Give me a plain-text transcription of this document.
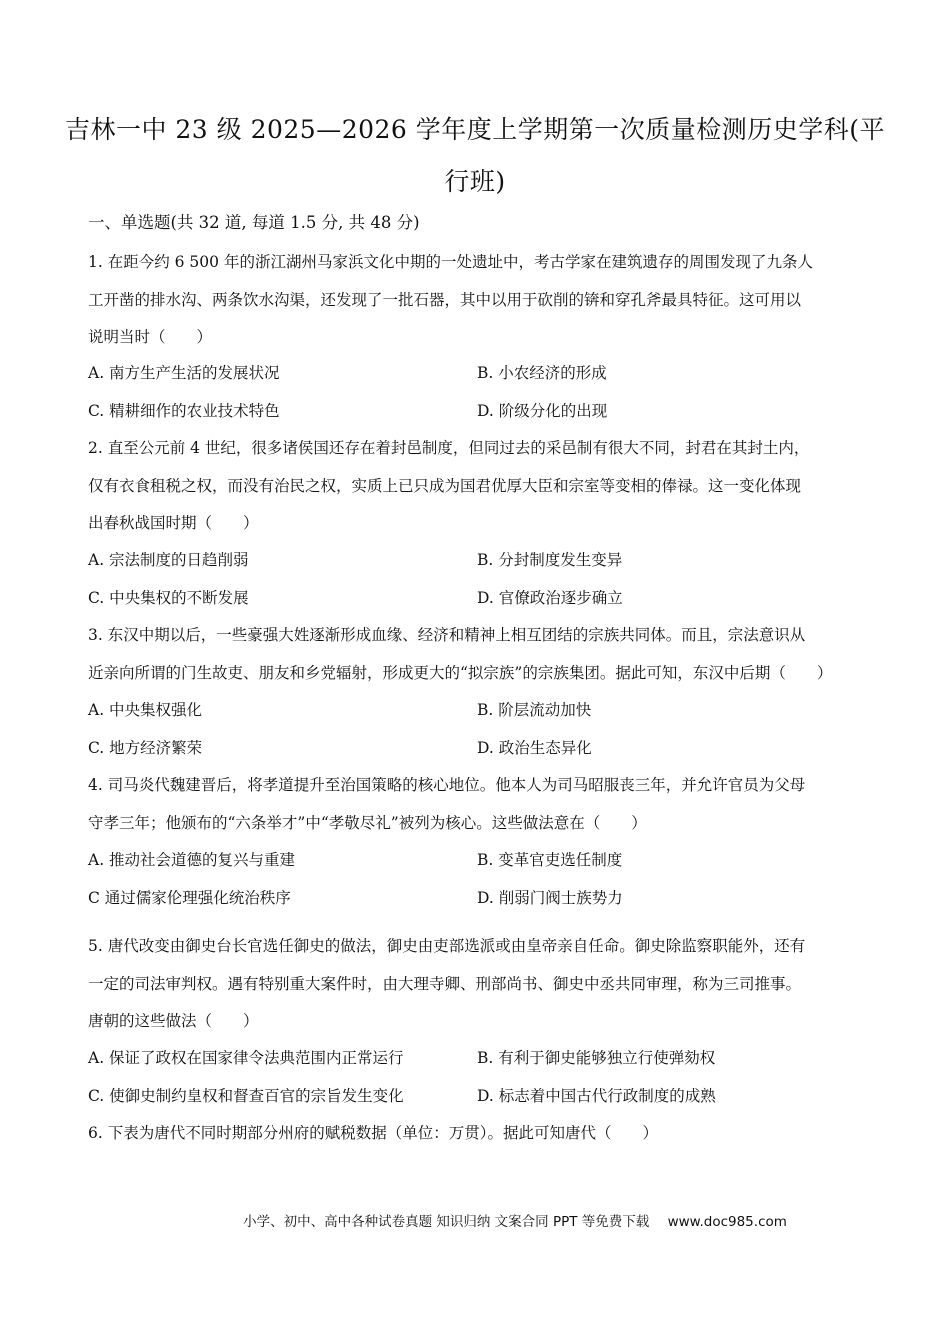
吉林一中 23 级 2025—2026 学年度上学期第一次质量检测历史学科(平
行班)
一、单选题(共 32 道, 每道 1.5 分, 共 48 分)

1. 在距今约 6 500 年的浙江湖州马家浜文化中期的一处遗址中，考古学家在建筑遗存的周围发现了九条人

工开凿的排水沟、两条饮水沟渠，还发现了一批石器，其中以用于砍削的锛和穿孔斧最具特征。这可用以

说明当时（　　）

A. 南方生产生活的发展状况	B. 小农经济的形成
C. 精耕细作的农业技术特色	D. 阶级分化的出现

2. 直至公元前 4 世纪，很多诸侯国还存在着封邑制度，但同过去的采邑制有很大不同，封君在其封土内，

仅有衣食租税之权，而没有治民之权，实质上已只成为国君优厚大臣和宗室等变相的俸禄。这一变化体现

出春秋战国时期（　　）

A. 宗法制度的日趋削弱	B. 分封制度发生变异
C. 中央集权的不断发展	D. 官僚政治逐步确立

3. 东汉中期以后，一些豪强大姓逐渐形成血缘、经济和精神上相互团结的宗族共同体。而且，宗法意识从

近亲向所谓的门生故吏、朋友和乡党辐射，形成更大的“拟宗族”的宗族集团。据此可知，东汉中后期（　　）

A. 中央集权强化	B. 阶层流动加快
C. 地方经济繁荣	D. 政治生态异化

4. 司马炎代魏建晋后，将孝道提升至治国策略的核心地位。他本人为司马昭服丧三年，并允许官员为父母

守孝三年；他颁布的“六条举才”中“孝敬尽礼”被列为核心。这些做法意在（　　）

A. 推动社会道德的复兴与重建	B. 变革官吏选任制度
C 通过儒家伦理强化统治秩序	D. 削弱门阀士族势力

5. 唐代改变由御史台长官选任御史的做法，御史由吏部选派或由皇帝亲自任命。御史除监察职能外，还有

一定的司法审判权。遇有特别重大案件时，由大理寺卿、刑部尚书、御史中丞共同审理，称为三司推事。

唐朝的这些做法（　　）

A. 保证了政权在国家律令法典范围内正常运行	B. 有利于御史能够独立行使弹劾权
C. 使御史制约皇权和督查百官的宗旨发生变化	D. 标志着中国古代行政制度的成熟

6. 下表为唐代不同时期部分州府的赋税数据（单位：万贯）。据此可知唐代（　　）

小学、初中、高中各种试卷真题 知识归纳 文案合同 PPT 等免费下载 www.doc985.com
